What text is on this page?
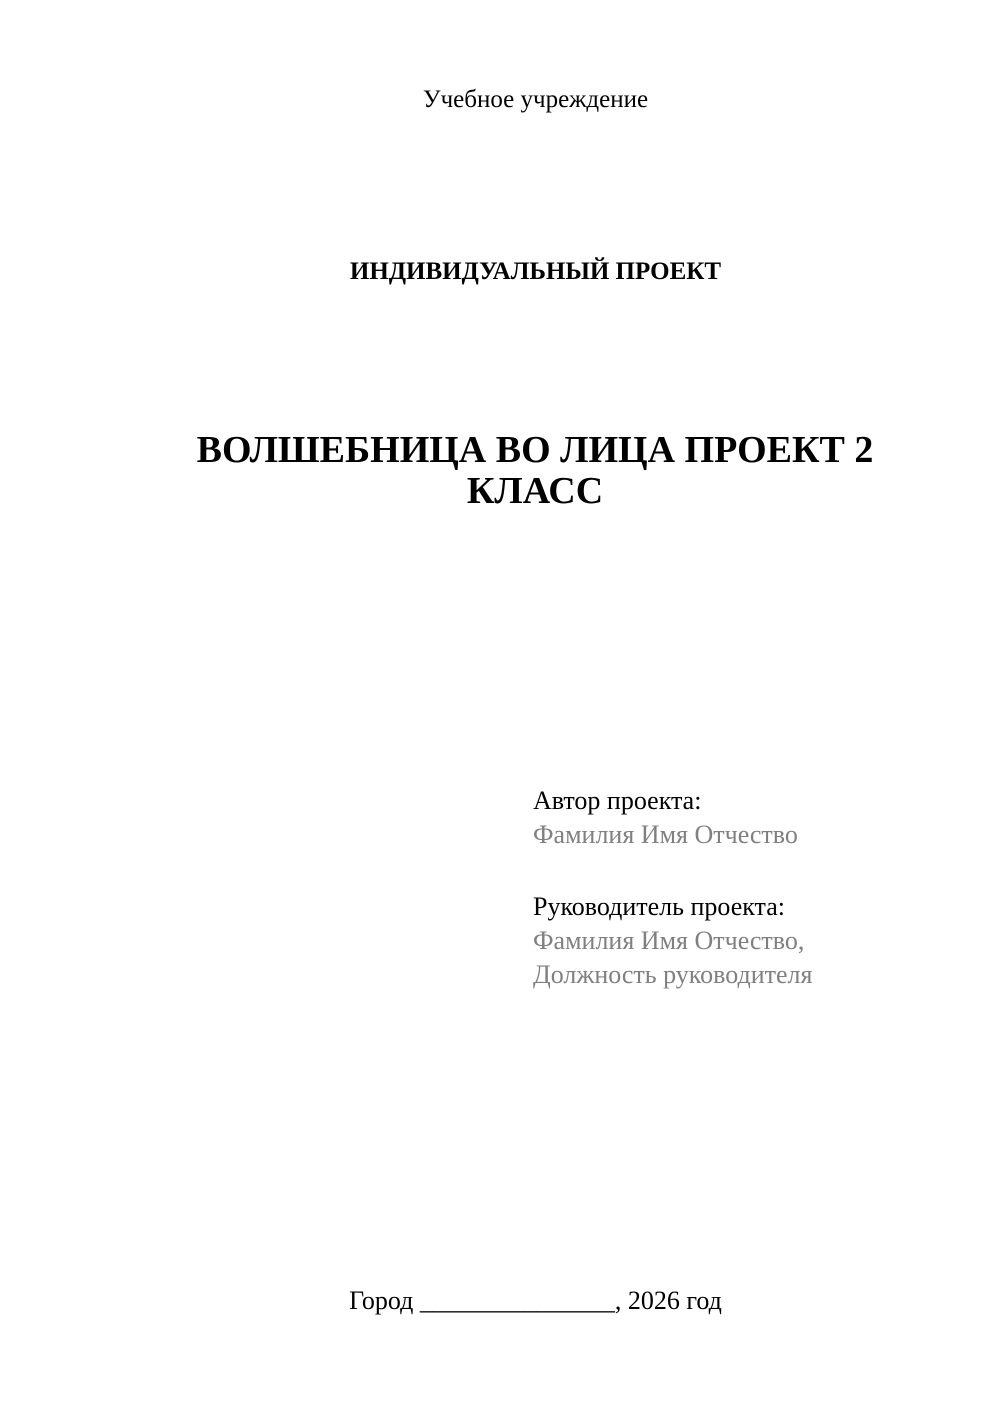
Учебное учреждение
ИНДИВИДУАЛЬНЫЙ ПРОЕКТ
ВОЛШЕБНИЦА ВО ЛИЦА ПРОЕКТ 2
КЛАСС
Автор проекта:
Фамилия Имя Отчество
Руководитель проекта:
Фамилия Имя Отчество,
Должность руководителя
Город _______________, 2026 год
